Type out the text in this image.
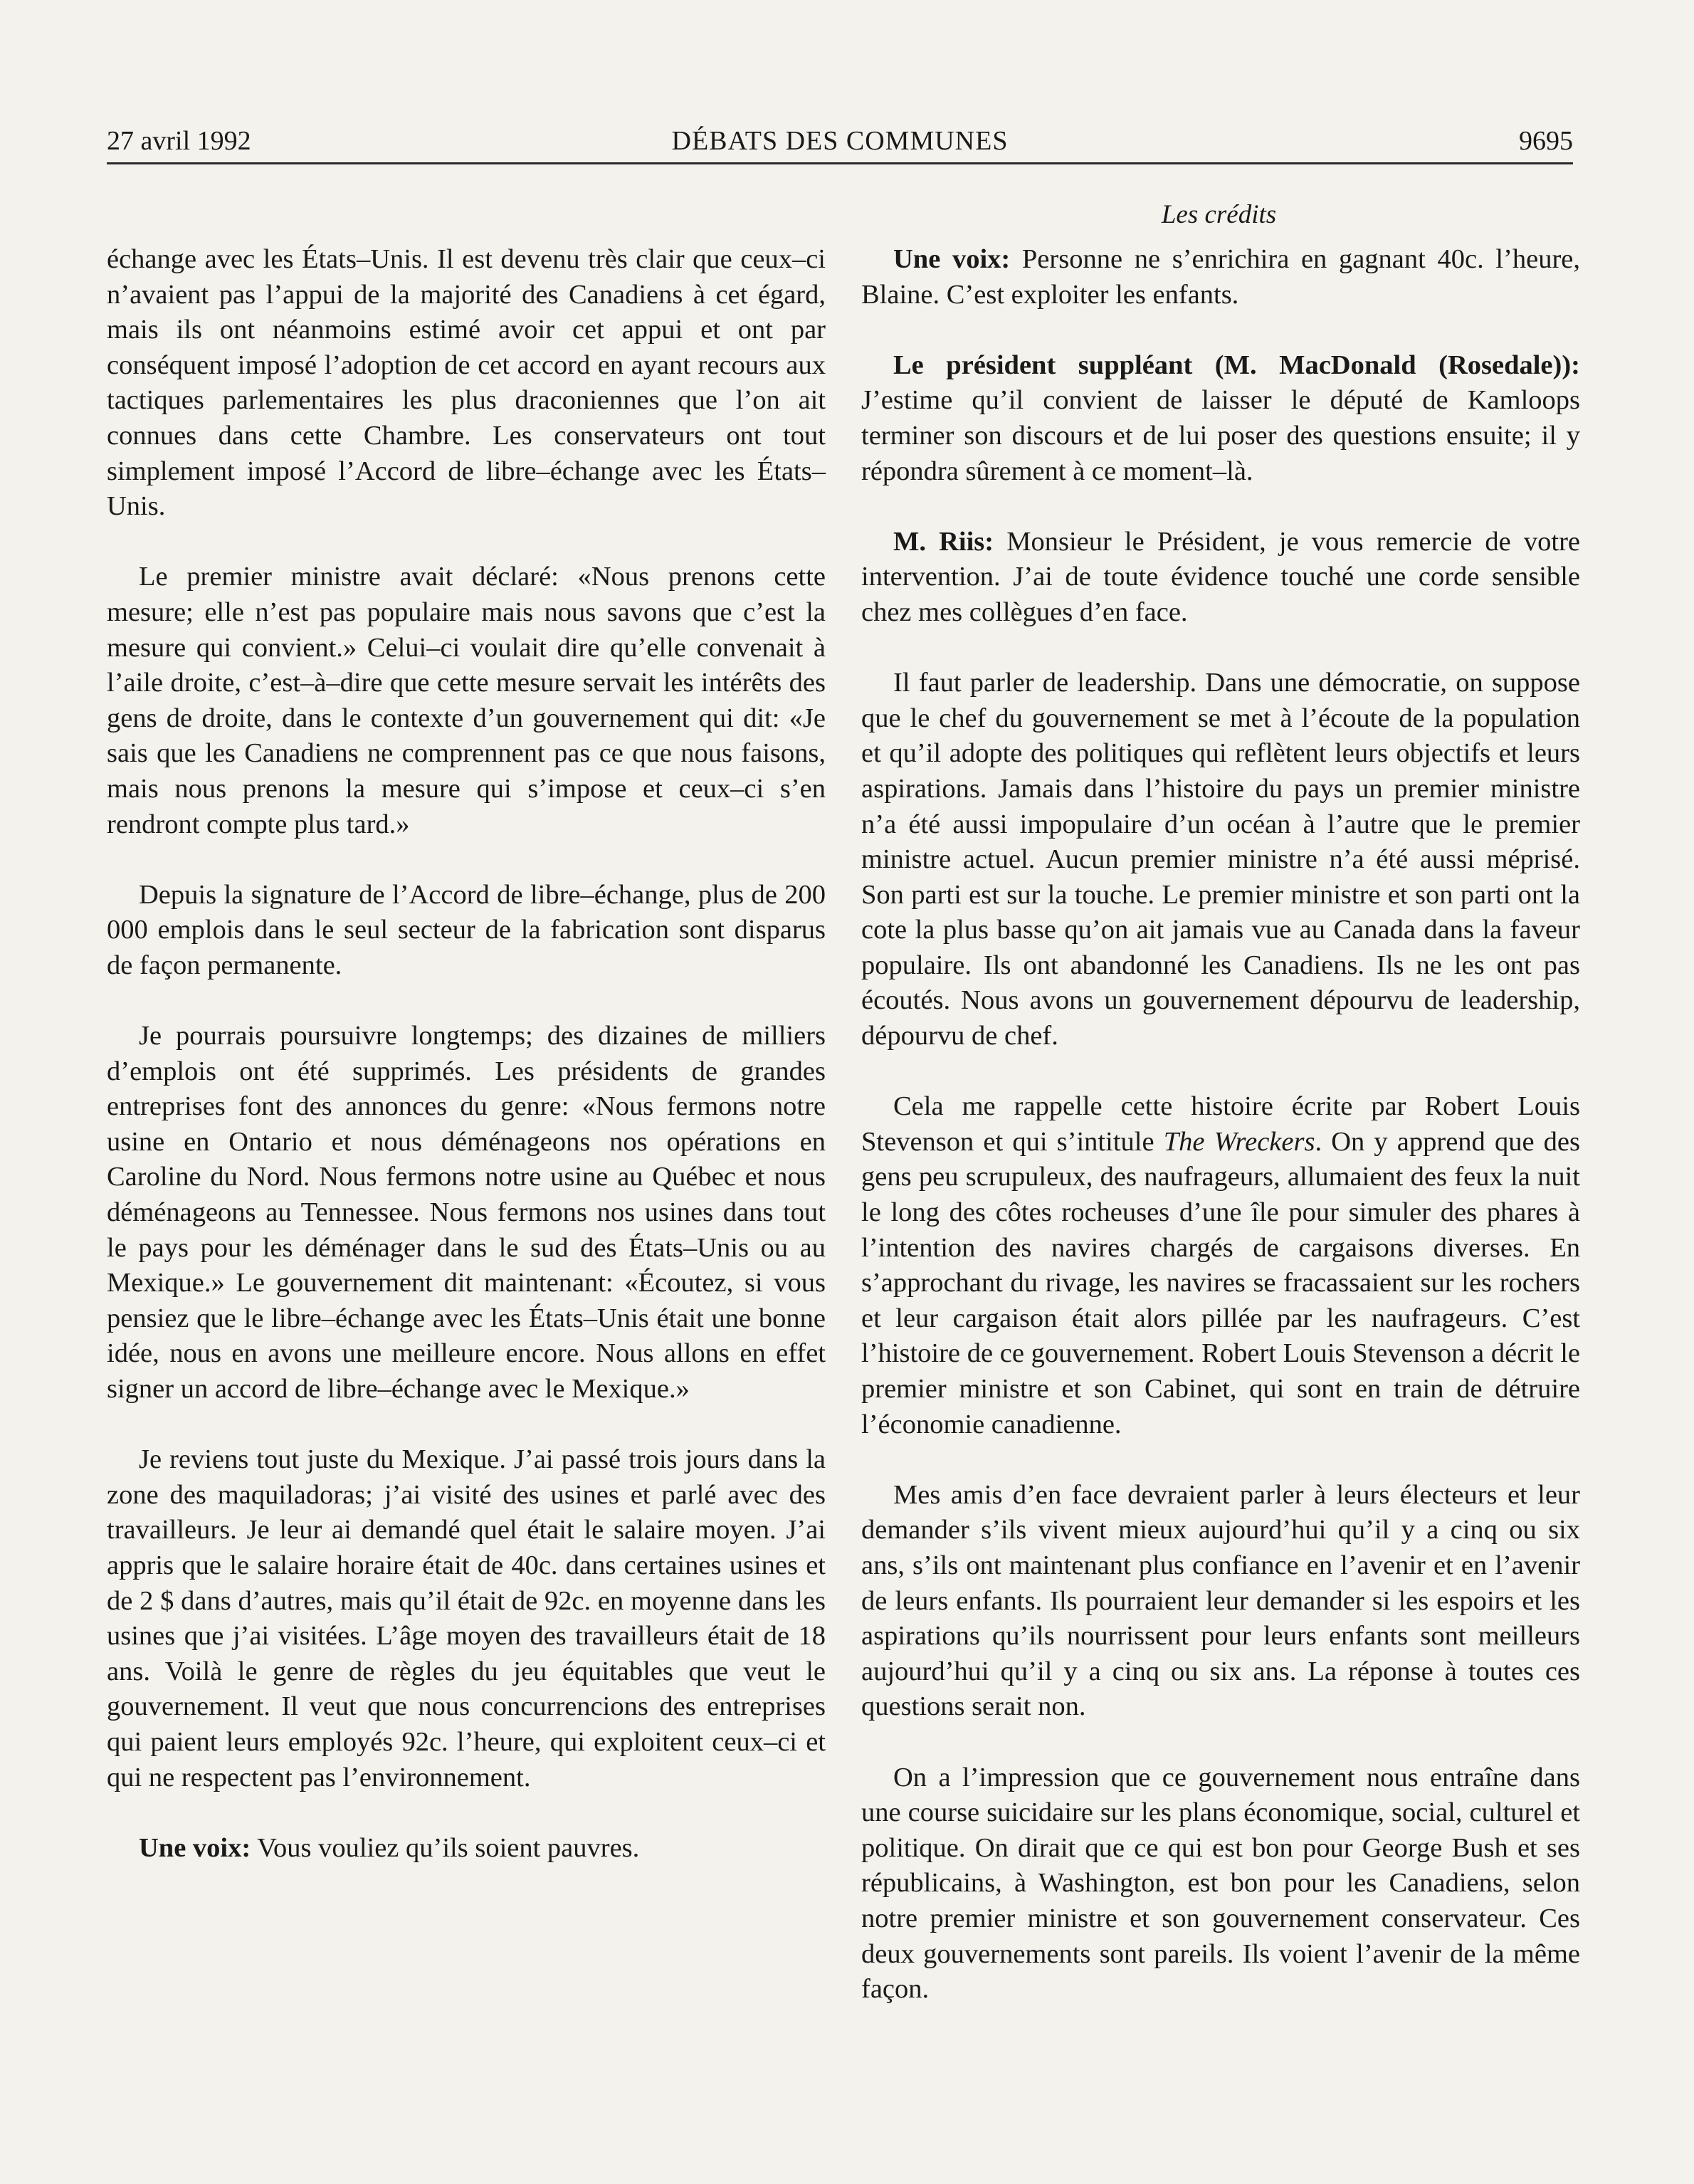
27 avril 1992	DÉBATS DES COMMUNES	9695
Les crédits

échange avec les États–Unis. Il est devenu très clair que ceux–ci n’avaient pas l’appui de la majorité des Canadiens à cet égard, mais ils ont néanmoins estimé avoir cet appui et ont par conséquent imposé l’adoption de cet accord en ayant recours aux tactiques parlementaires les plus draconiennes que l’on ait connues dans cette Chambre. Les conservateurs ont tout simplement imposé l’Accord de libre–échange avec les États–Unis.

Le premier ministre avait déclaré: «Nous prenons cette mesure; elle n’est pas populaire mais nous savons que c’est la mesure qui convient.» Celui–ci voulait dire qu’elle convenait à l’aile droite, c’est–à–dire que cette mesure servait les intérêts des gens de droite, dans le contexte d’un gouvernement qui dit: «Je sais que les Canadiens ne comprennent pas ce que nous faisons, mais nous prenons la mesure qui s’impose et ceux–ci s’en rendront compte plus tard.»

Depuis la signature de l’Accord de libre–échange, plus de 200 000 emplois dans le seul secteur de la fabrication sont disparus de façon permanente.

Je pourrais poursuivre longtemps; des dizaines de milliers d’emplois ont été supprimés. Les présidents de grandes entreprises font des annonces du genre: «Nous fermons notre usine en Ontario et nous déménageons nos opérations en Caroline du Nord. Nous fermons notre usine au Québec et nous déménageons au Tennessee. Nous fermons nos usines dans tout le pays pour les déménager dans le sud des États–Unis ou au Mexique.» Le gouvernement dit maintenant: «Écoutez, si vous pensiez que le libre–échange avec les États–Unis était une bonne idée, nous en avons une meilleure encore. Nous allons en effet signer un accord de libre–échange avec le Mexique.»

Je reviens tout juste du Mexique. J’ai passé trois jours dans la zone des maquiladoras; j’ai visité des usines et parlé avec des travailleurs. Je leur ai demandé quel était le salaire moyen. J’ai appris que le salaire horaire était de 40c. dans certaines usines et de 2 $ dans d’autres, mais qu’il était de 92c. en moyenne dans les usines que j’ai visitées. L’âge moyen des travailleurs était de 18 ans. Voilà le genre de règles du jeu équitables que veut le gouvernement. Il veut que nous concurrencions des entreprises qui paient leurs employés 92c. l’heure, qui exploitent ceux–ci et qui ne respectent pas l’environnement.

Une voix: Vous vouliez qu’ils soient pauvres.

Une voix: Personne ne s’enrichira en gagnant 40c. l’heure, Blaine. C’est exploiter les enfants.

Le président suppléant (M. MacDonald (Rosedale)): J’estime qu’il convient de laisser le député de Kamloops terminer son discours et de lui poser des questions ensuite; il y répondra sûrement à ce moment–là.

M. Riis: Monsieur le Président, je vous remercie de votre intervention. J’ai de toute évidence touché une corde sensible chez mes collègues d’en face.

Il faut parler de leadership. Dans une démocratie, on suppose que le chef du gouvernement se met à l’écoute de la population et qu’il adopte des politiques qui reflètent leurs objectifs et leurs aspirations. Jamais dans l’histoire du pays un premier ministre n’a été aussi impopulaire d’un océan à l’autre que le premier ministre actuel. Aucun premier ministre n’a été aussi méprisé. Son parti est sur la touche. Le premier ministre et son parti ont la cote la plus basse qu’on ait jamais vue au Canada dans la faveur populaire. Ils ont abandonné les Canadiens. Ils ne les ont pas écoutés. Nous avons un gouvernement dépourvu de leadership, dépourvu de chef.

Cela me rappelle cette histoire écrite par Robert Louis Stevenson et qui s’intitule The Wreckers. On y apprend que des gens peu scrupuleux, des naufrageurs, allumaient des feux la nuit le long des côtes rocheuses d’une île pour simuler des phares à l’intention des navires chargés de cargaisons diverses. En s’approchant du rivage, les navires se fracassaient sur les rochers et leur cargaison était alors pillée par les naufrageurs. C’est l’histoire de ce gouvernement. Robert Louis Stevenson a décrit le premier ministre et son Cabinet, qui sont en train de détruire l’économie canadienne.

Mes amis d’en face devraient parler à leurs électeurs et leur demander s’ils vivent mieux aujourd’hui qu’il y a cinq ou six ans, s’ils ont maintenant plus confiance en l’avenir et en l’avenir de leurs enfants. Ils pourraient leur demander si les espoirs et les aspirations qu’ils nourrissent pour leurs enfants sont meilleurs aujourd’hui qu’il y a cinq ou six ans. La réponse à toutes ces questions serait non.

On a l’impression que ce gouvernement nous entraîne dans une course suicidaire sur les plans économique, social, culturel et politique. On dirait que ce qui est bon pour George Bush et ses républicains, à Washington, est bon pour les Canadiens, selon notre premier ministre et son gouvernement conservateur. Ces deux gouvernements sont pareils. Ils voient l’avenir de la même façon.
